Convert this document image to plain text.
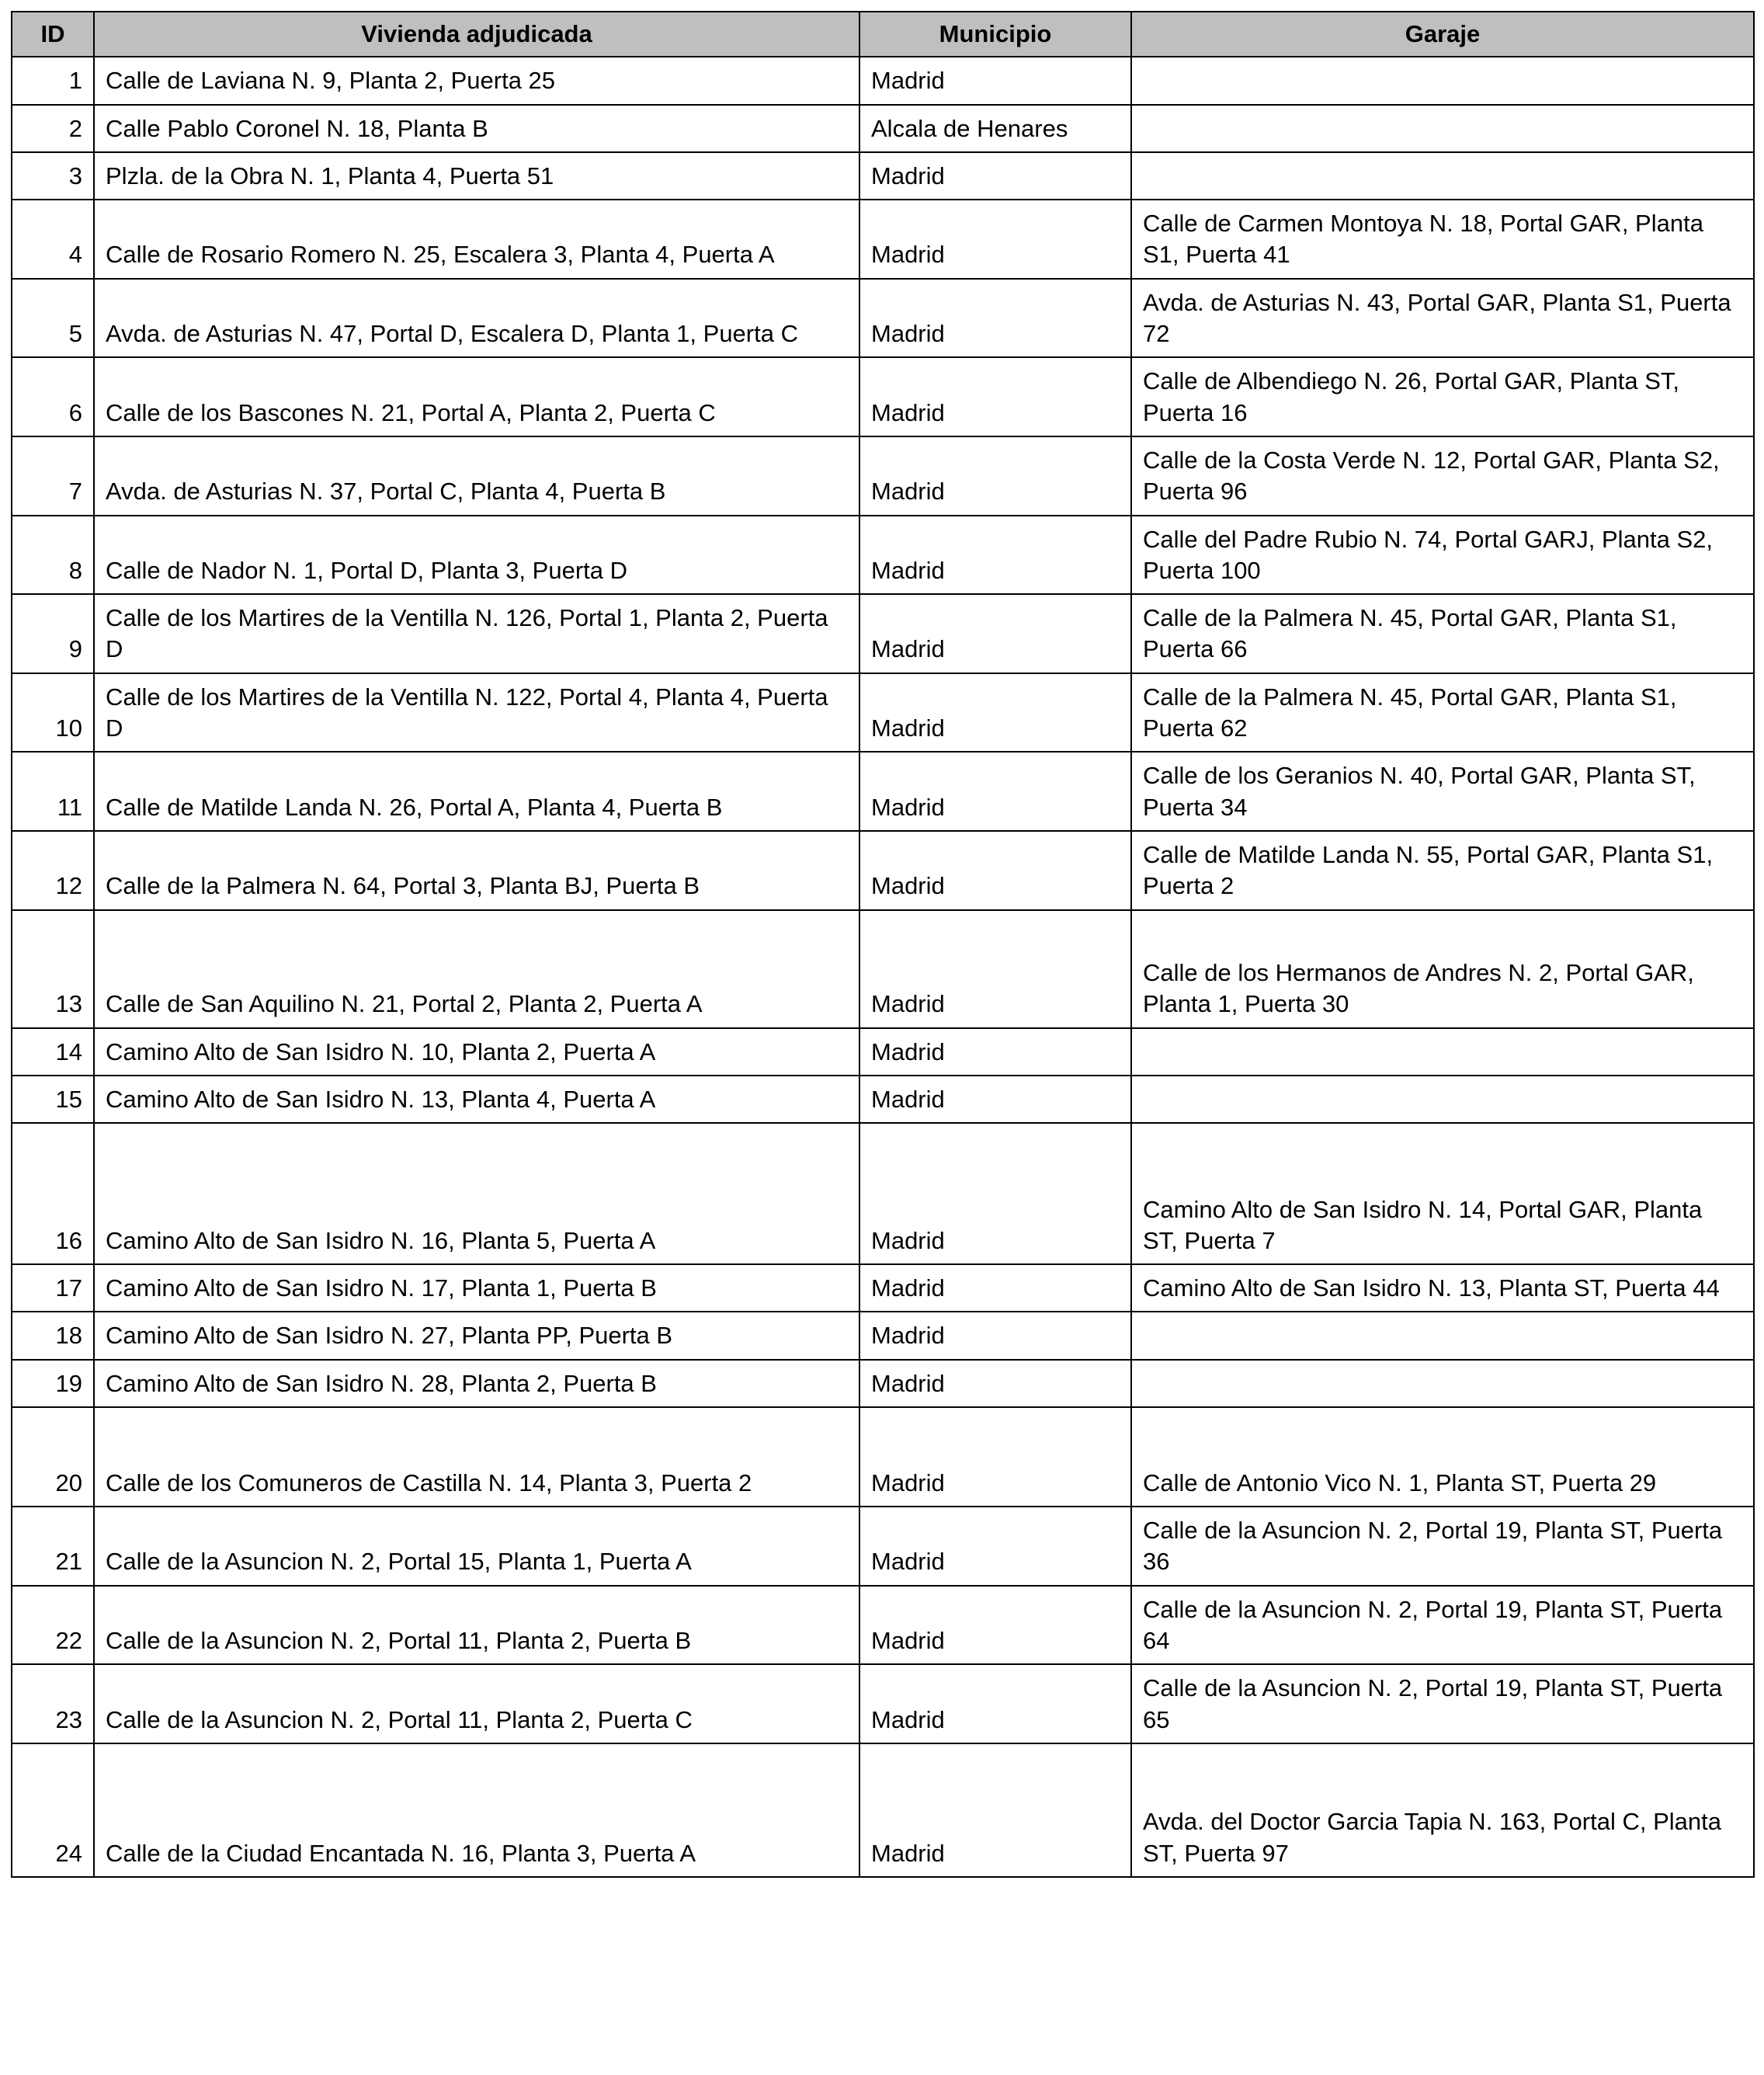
ID	Vivienda adjudicada	Municipio	Garaje
1	Calle de Laviana N. 9, Planta 2, Puerta 25	Madrid	
2	Calle Pablo Coronel N. 18, Planta B	Alcala de Henares	
3	Plzla. de la Obra N. 1, Planta 4, Puerta 51	Madrid	
4	Calle de Rosario Romero N. 25, Escalera 3, Planta 4, Puerta A	Madrid	Calle de Carmen Montoya N. 18, Portal GAR, Planta S1, Puerta 41
5	Avda. de Asturias N. 47, Portal D, Escalera D, Planta 1, Puerta C	Madrid	Avda. de Asturias N. 43, Portal GAR, Planta S1, Puerta 72
6	Calle de los Bascones N. 21, Portal A, Planta 2, Puerta C	Madrid	Calle de Albendiego N. 26, Portal GAR, Planta ST, Puerta 16
7	Avda. de Asturias N. 37, Portal C, Planta 4, Puerta B	Madrid	Calle de la Costa Verde N. 12, Portal GAR, Planta S2, Puerta 96
8	Calle de Nador N. 1, Portal D, Planta 3, Puerta D	Madrid	Calle del Padre Rubio N. 74, Portal GARJ, Planta S2, Puerta 100
9	Calle de los Martires de la Ventilla N. 126, Portal 1, Planta 2, Puerta D	Madrid	Calle de la Palmera N. 45, Portal GAR, Planta S1, Puerta 66
10	Calle de los Martires de la Ventilla N. 122, Portal 4, Planta 4, Puerta D	Madrid	Calle de la Palmera N. 45, Portal GAR, Planta S1, Puerta 62
11	Calle de Matilde Landa N. 26, Portal A, Planta 4, Puerta B	Madrid	Calle de los Geranios N. 40, Portal GAR, Planta ST, Puerta 34
12	Calle de la Palmera N. 64, Portal 3, Planta BJ, Puerta B	Madrid	Calle de Matilde Landa N. 55, Portal GAR, Planta S1, Puerta 2
13	Calle de San Aquilino N. 21, Portal 2, Planta 2, Puerta A	Madrid	Calle de los Hermanos de Andres N. 2, Portal GAR, Planta 1, Puerta 30
14	Camino Alto de San Isidro N. 10, Planta 2, Puerta A	Madrid	
15	Camino Alto de San Isidro N. 13, Planta 4, Puerta A	Madrid	
16	Camino Alto de San Isidro N. 16, Planta 5, Puerta A	Madrid	Camino Alto de San Isidro N. 14, Portal GAR, Planta ST, Puerta 7
17	Camino Alto de San Isidro N. 17, Planta 1, Puerta B	Madrid	Camino Alto de San Isidro N. 13, Planta ST, Puerta 44
18	Camino Alto de San Isidro N. 27, Planta PP, Puerta B	Madrid	
19	Camino Alto de San Isidro N. 28, Planta 2, Puerta B	Madrid	
20	Calle de los Comuneros de Castilla N. 14, Planta 3, Puerta 2	Madrid	Calle de Antonio Vico N. 1, Planta ST, Puerta 29
21	Calle de la Asuncion N. 2, Portal 15, Planta 1, Puerta A	Madrid	Calle de la Asuncion N. 2, Portal 19, Planta ST, Puerta 36
22	Calle de la Asuncion N. 2, Portal 11, Planta 2, Puerta B	Madrid	Calle de la Asuncion N. 2, Portal 19, Planta ST, Puerta 64
23	Calle de la Asuncion N. 2, Portal 11, Planta 2, Puerta C	Madrid	Calle de la Asuncion N. 2, Portal 19, Planta ST, Puerta 65
24	Calle de la Ciudad Encantada N. 16, Planta 3, Puerta A	Madrid	Avda. del Doctor Garcia Tapia N. 163, Portal C, Planta ST, Puerta 97
